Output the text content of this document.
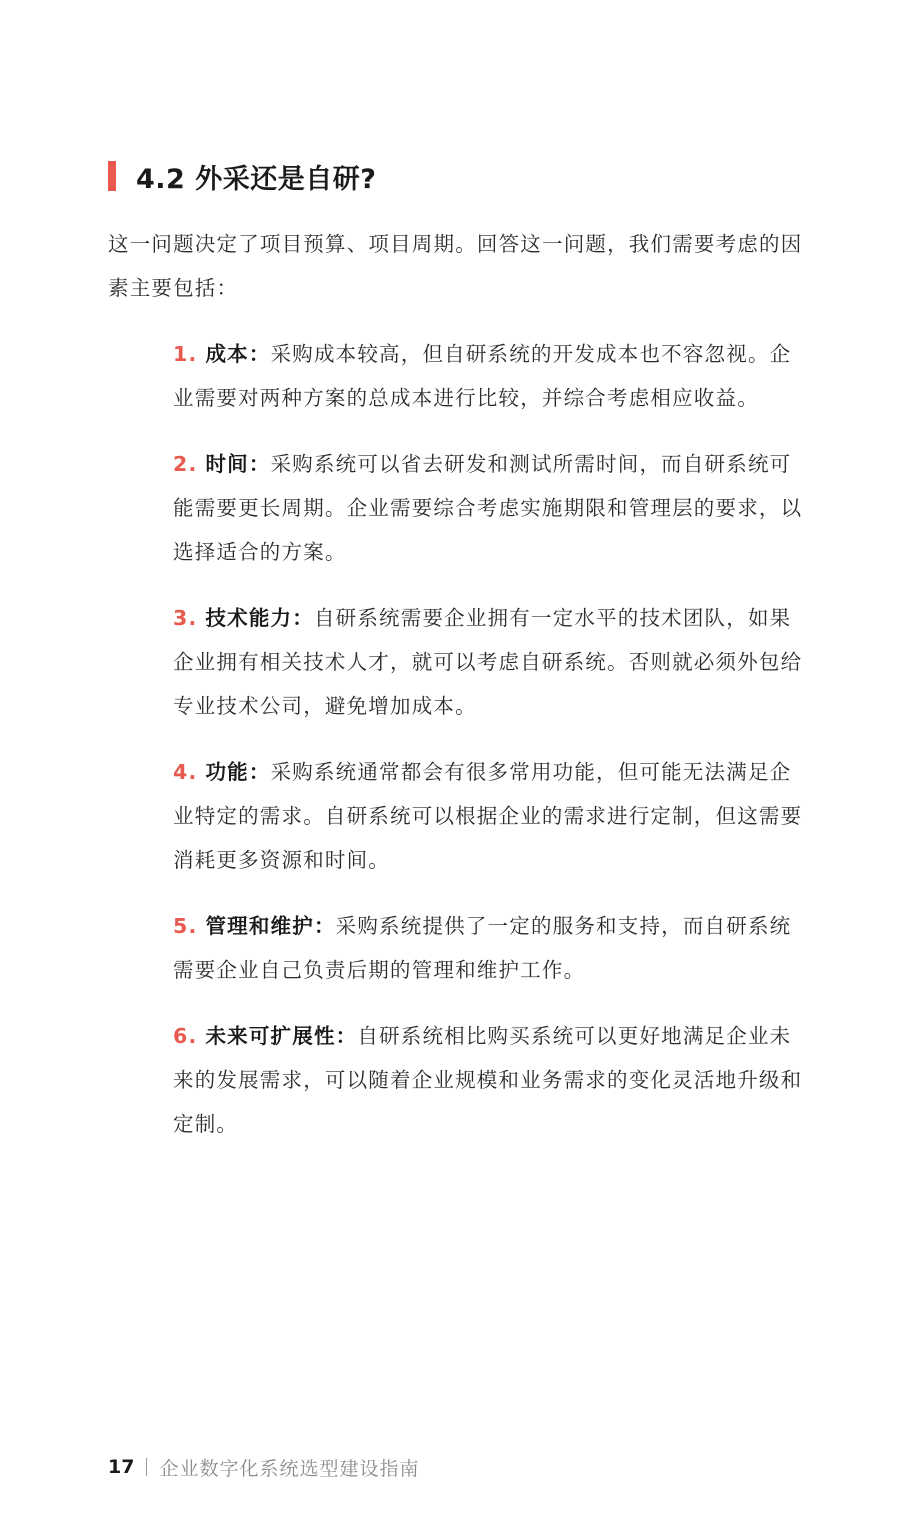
4.2 外采还是自研?

这一问题决定了项目预算、项目周期。回答这一问题，我们需要考虑的因素主要包括：

1. 成本：采购成本较高，但自研系统的开发成本也不容忽视。企业需要对两种方案的总成本进行比较，并综合考虑相应收益。
2. 时间：采购系统可以省去研发和测试所需时间，而自研系统可能需要更长周期。企业需要综合考虑实施期限和管理层的要求，以选择适合的方案。
3. 技术能力：自研系统需要企业拥有一定水平的技术团队，如果企业拥有相关技术人才，就可以考虑自研系统。否则就必须外包给专业技术公司，避免增加成本。
4. 功能：采购系统通常都会有很多常用功能，但可能无法满足企业特定的需求。自研系统可以根据企业的需求进行定制，但这需要消耗更多资源和时间。
5. 管理和维护：采购系统提供了一定的服务和支持，而自研系统需要企业自己负责后期的管理和维护工作。
6. 未来可扩展性：自研系统相比购买系统可以更好地满足企业未来的发展需求，可以随着企业规模和业务需求的变化灵活地升级和定制。
17 企业数字化系统选型建设指南
